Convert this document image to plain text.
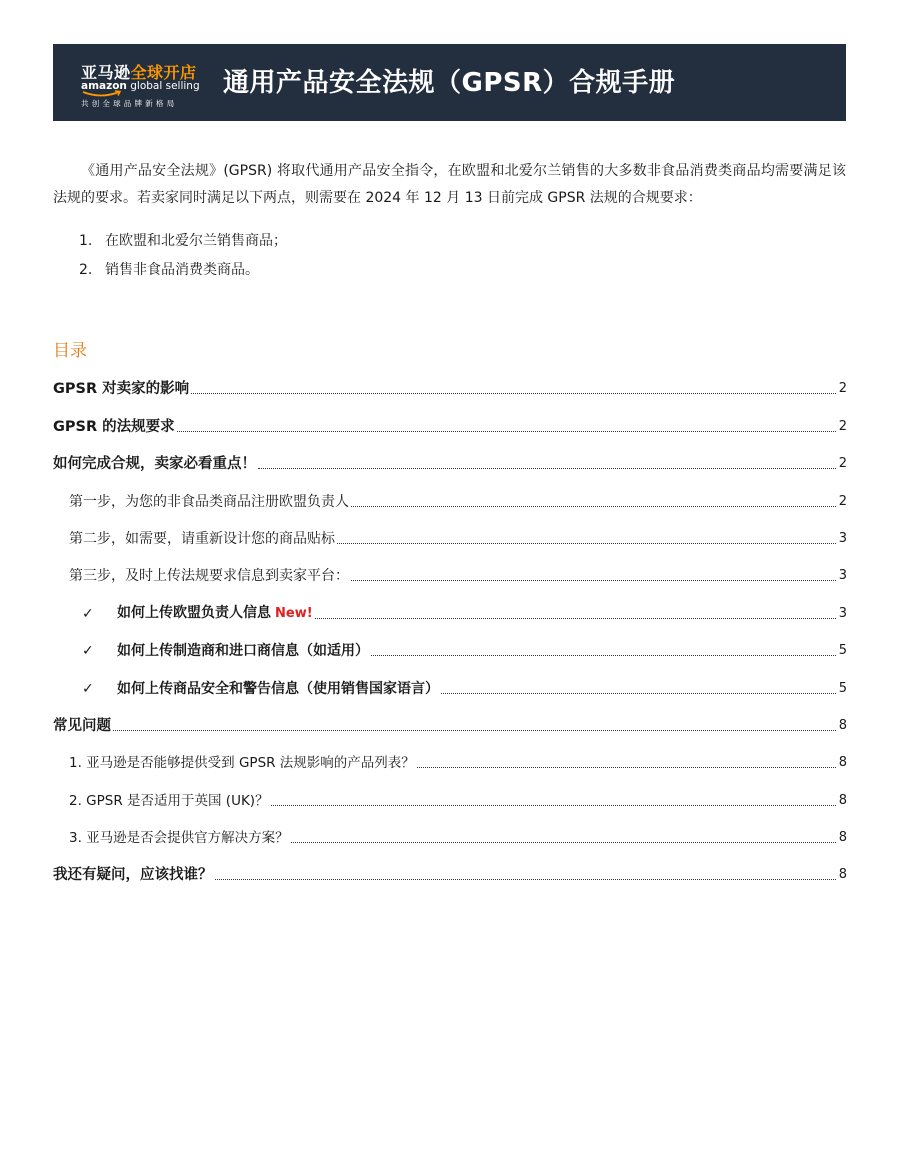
亚马逊全球开店
amazon global selling
共创全球品牌新格局
通用产品安全法规（GPSR）合规手册

《通用产品安全法规》(GPSR) 将取代通用产品安全指令，在欧盟和北爱尔兰销售的大多数非食品消费类商品均需要满足该法规的要求。若卖家同时满足以下两点，则需要在 2024 年 12 月 13 日前完成 GPSR 法规的合规要求：

1. 在欧盟和北爱尔兰销售商品；
2. 销售非食品消费类商品。
目录
GPSR 对卖家的影响	2
GPSR 的法规要求	2
如何完成合规，卖家必看重点！	2
第一步，为您的非食品类商品注册欧盟负责人	2
第二步，如需要，请重新设计您的商品贴标	3
第三步，及时上传法规要求信息到卖家平台：	3
✓	如何上传欧盟负责人信息 New!	3
✓	如何上传制造商和进口商信息（如适用）	5
✓	如何上传商品安全和警告信息（使用销售国家语言）	5
常见问题	8
1. 亚马逊是否能够提供受到 GPSR 法规影响的产品列表？	8
2. GPSR 是否适用于英国 (UK)？	8
3. 亚马逊是否会提供官方解决方案？	8
我还有疑问，应该找谁？	8
